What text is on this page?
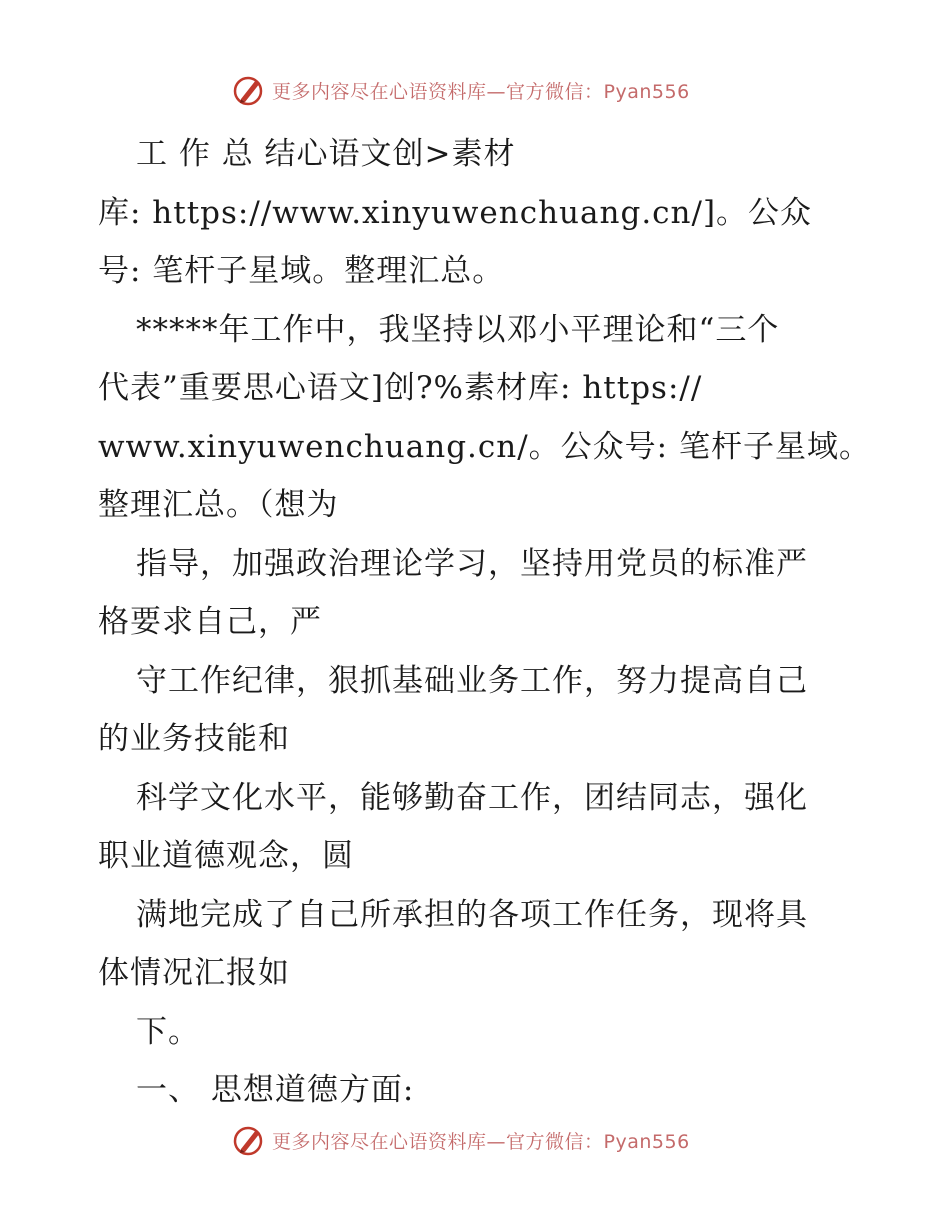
更多内容尽在心语资料库—官方微信：Pyan556
工 作 总 结心语文创>素材
库: https://www.xinyuwenchuang.cn/]。公众
号: 笔杆子星域。整理汇总。
*****年工作中，我坚持以邓小平理论和“三个
代表”重要思心语文]创?%素材库: https://
www.xinyuwenchuang.cn/。公众号: 笔杆子星域。
整理汇总。（想为
指导，加强政治理论学习，坚持用党员的标准严
格要求自己，严
守工作纪律，狠抓基础业务工作，努力提高自己
的业务技能和
科学文化水平，能够勤奋工作，团结同志，强化
职业道德观念，圆
满地完成了自己所承担的各项工作任务，现将具
体情况汇报如
下。
一、 思想道德方面:
更多内容尽在心语资料库—官方微信：Pyan556
